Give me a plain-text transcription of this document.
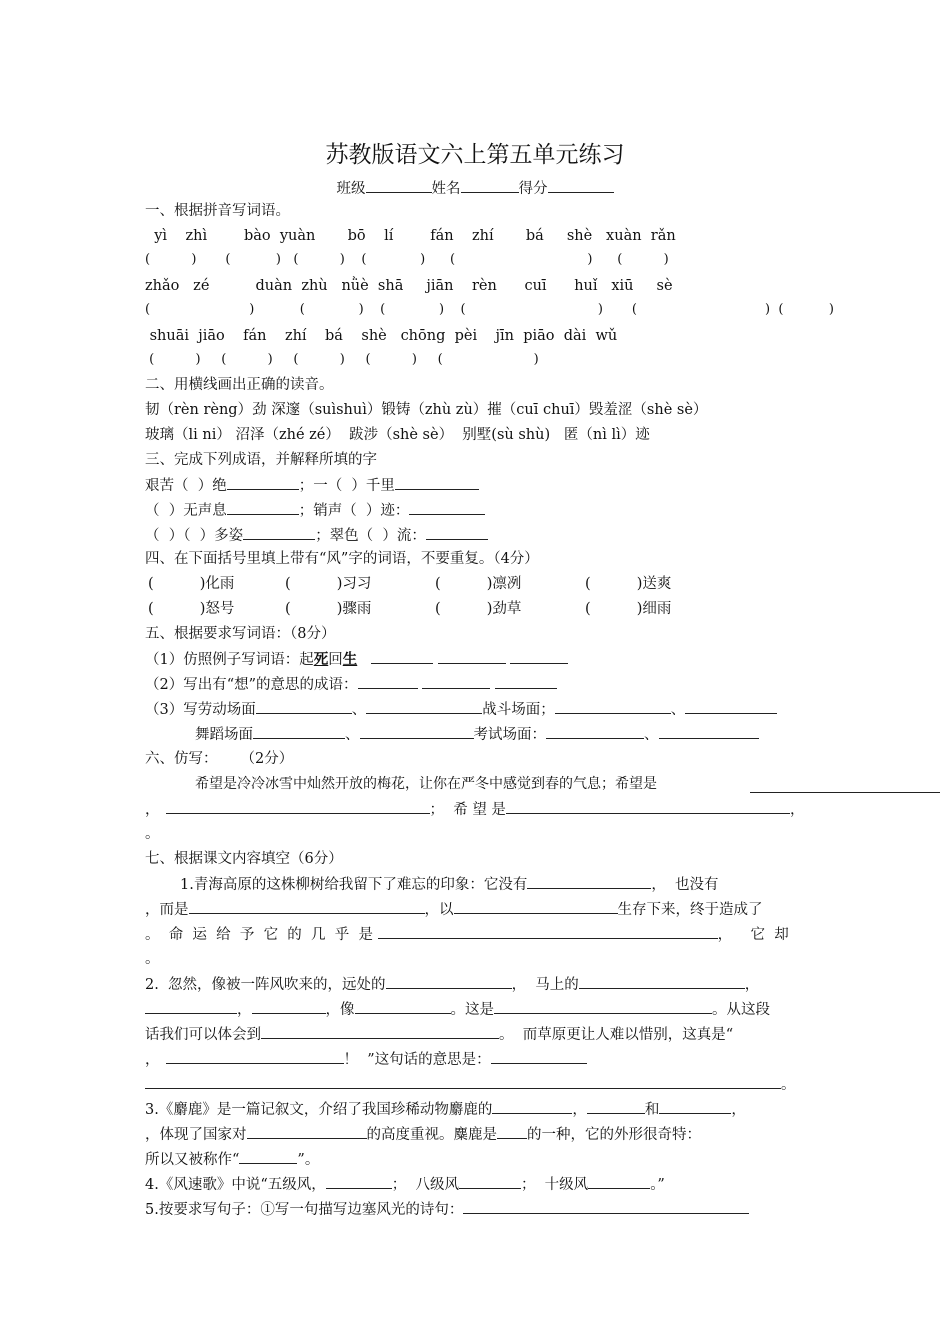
苏教版语文六上第五单元练习
班级	姓名	得分
一、根据拼音写词语。
yì    zhì        bào  yuàn       bō    lí        fán    zhí       bá     shè   xuàn  rǎn
(          )       (           )   (          )    (             )      (                                )      (          )
zhǎo   zé          duàn  zhù   nǜè  shā     jiān    rèn      cuī      huǐ   xiū     sè
(                        )           (             )    (             )    (                                )       (                               )  (           )
shuāi  jiāo    fán    zhí    bá    shè   chōng  pèi    jīn  piāo  dài  wǔ
(          )     (          )     (          )     (          )     (                      )
二、用横线画出正确的读音。
韧（rèn rèng）劲 深邃（suìshuì）锻铸（zhù zù）摧（cuī chuī）毁羞涩（shè sè）
玻璃（li ni） 沼泽（zhé zé）  跋涉（shè sè）  别墅(sù shù)   匿（nì lì）迹
三、完成下列成语，并解释所填的字
艰苦（  ）绝	；一（  ）千里
（  ）无声息	；销声（  ）迹：
（  ）（  ）多姿	；翠色（  ）流：
四、在下面括号里填上带有“风”字的词语，不要重复。（4分）
(          )化雨	(          )习习	(          )凛冽	(          )送爽
(          )怒号	(          )骤雨	(          )劲草	(          )细雨
五、根据要求写词语：（8分）
（1）仿照例子写词语：起死回生
（2）写出有“想”的意思的成语：
（3）写劳动场面	、	战斗场面；	、
舞蹈场面	、	考试场面：	、
六、仿写：     （2分）
希望是冷冷冰雪中灿然开放的梅花，让你在严冬中感觉到春的气息；希望是
，	；  希 望 是	，
。
七、根据课文内容填空（6分）
1.青海高原的这株柳树给我留下了难忘的印象：它没有	，  也没有
，而是	，以	生存下来，终于造成了
。  命  运  给  予  它  的  几  乎  是	，    它  却
。
2.  忽然，像被一阵风吹来的，远处的	，  马上的	，
，	，像	。这是	。从这段
话我们可以体会到	。  而草原更让人难以惜别，这真是“
，	！  ”这句话的意思是：
。
3.《麝鹿》是一篇记叙文，介绍了我国珍稀动物麝鹿的	，	和	，
，体现了国家对	的高度重视。麋鹿是 的一种，它的外形很奇特：
所以又被称作“	”。
4.《风速歌》中说“五级风，	；  八级风	；  十级风	。”
5.按要求写句子：①写一句描写边塞风光的诗句：
